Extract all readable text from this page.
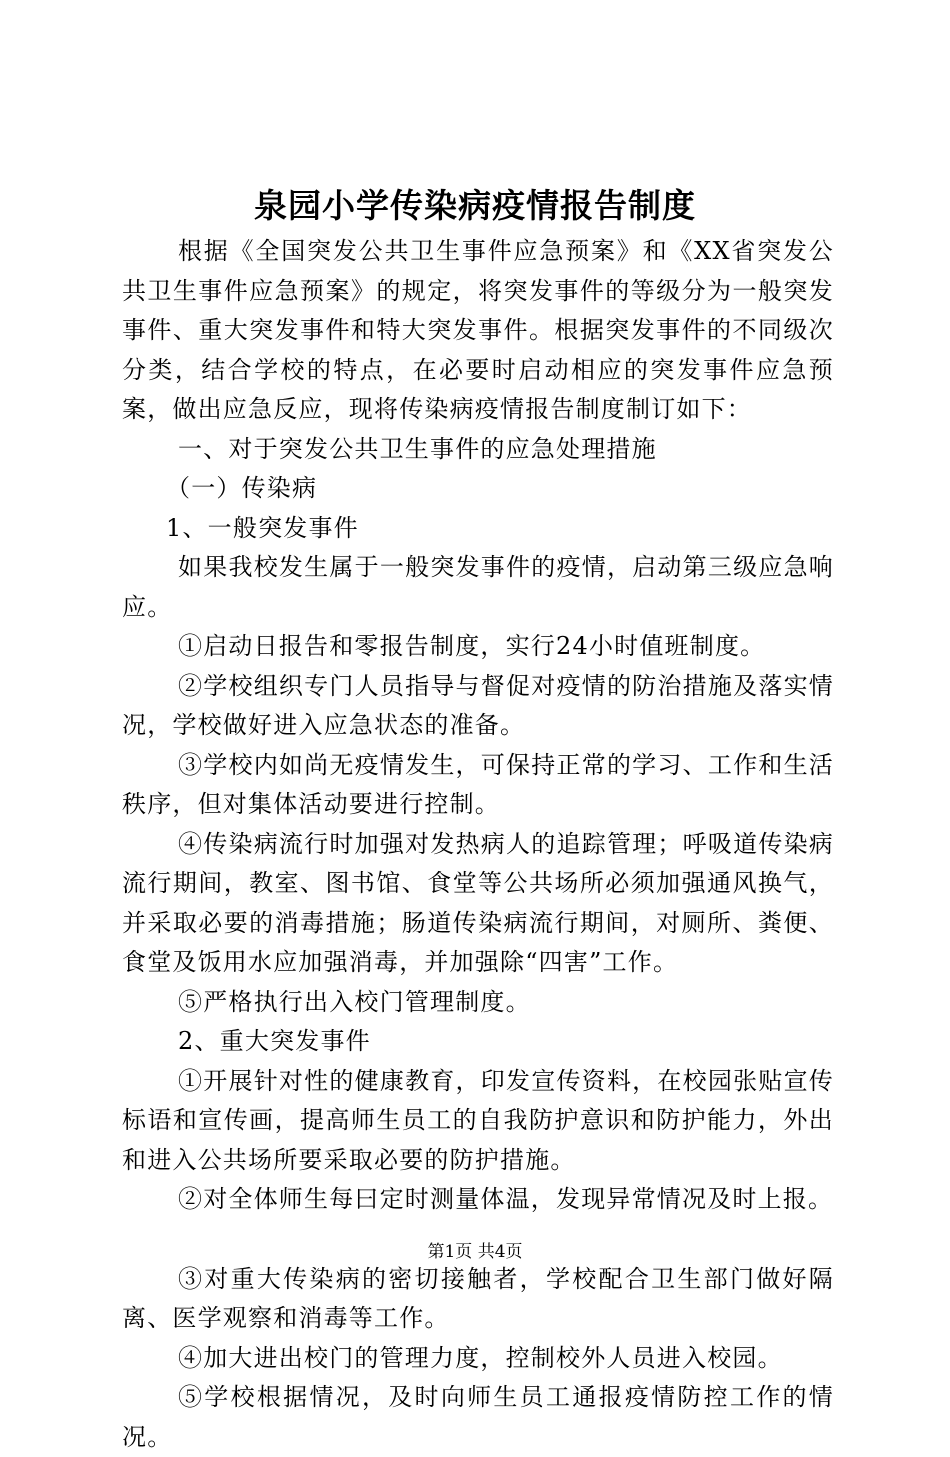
泉园小学传染病疫情报告制度

根据《全国突发公共卫生事件应急预案》和《XX省突发公共卫生事件应急预案》的规定，将突发事件的等级分为一般突发事件、重大突发事件和特大突发事件。根据突发事件的不同级次分类，结合学校的特点，在必要时启动相应的突发事件应急预案，做出应急反应，现将传染病疫情报告制度制订如下：

一、对于突发公共卫生事件的应急处理措施

（一）传染病

1、一般突发事件

如果我校发生属于一般突发事件的疫情，启动第三级应急响应。

①启动日报告和零报告制度，实行24小时值班制度。

②学校组织专门人员指导与督促对疫情的防治措施及落实情况，学校做好进入应急状态的准备。

③学校内如尚无疫情发生，可保持正常的学习、工作和生活秩序，但对集体活动要进行控制。

④传染病流行时加强对发热病人的追踪管理；呼吸道传染病流行期间，教室、图书馆、食堂等公共场所必须加强通风换气，并采取必要的消毒措施；肠道传染病流行期间，对厕所、粪便、食堂及饭用水应加强消毒，并加强除“四害”工作。

⑤严格执行出入校门管理制度。

2、重大突发事件

①开展针对性的健康教育，印发宣传资料，在校园张贴宣传标语和宣传画，提高师生员工的自我防护意识和防护能力，外出和进入公共场所要采取必要的防护措施。

②对全体师生每曰定时测量体温，发现异常情况及时上报。

③对重大传染病的密切接触者，学校配合卫生部门做好隔离、医学观察和消毒等工作。

④加大进出校门的管理力度，控制校外人员进入校园。

⑤学校根据情况，及时向师生员工通报疫情防控工作的情况。

第1页 共4页
